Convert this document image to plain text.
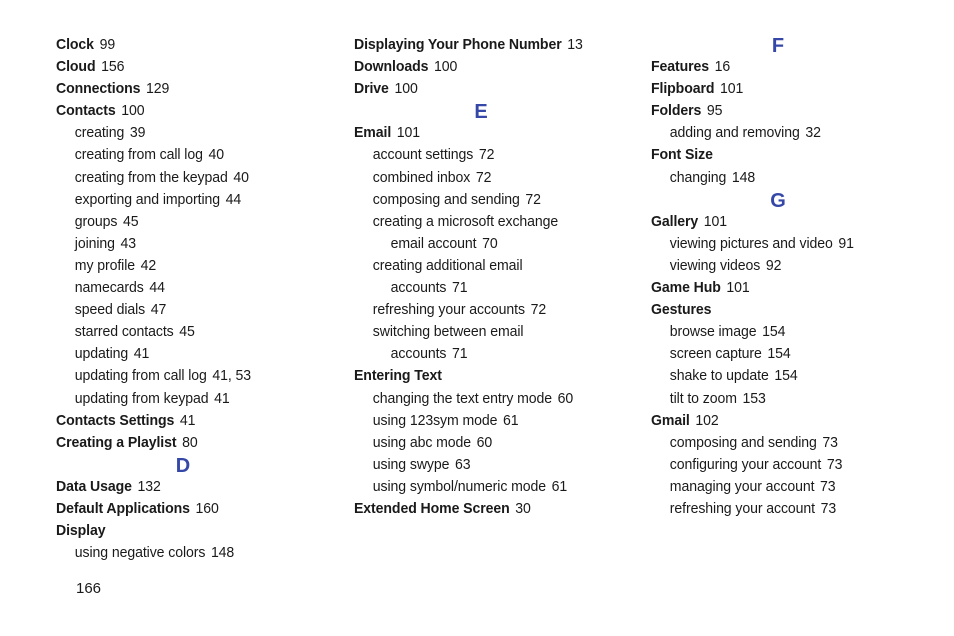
Clock 99
Cloud 156
Connections 129
Contacts 100
creating 39
creating from call log 40
creating from the keypad 40
exporting and importing 44
groups 45
joining 43
my profile 42
namecards 44
speed dials 47
starred contacts 45
updating 41
updating from call log 41, 53
updating from keypad 41
Contacts Settings 41
Creating a Playlist 80
D
Data Usage 132
Default Applications 160
Display
using negative colors 148
Displaying Your Phone Number 13
Downloads 100
Drive 100
E
Email 101
account settings 72
combined inbox 72
composing and sending 72
creating a microsoft exchange
email account 70
creating additional email
accounts 71
refreshing your accounts 72
switching between email
accounts 71
Entering Text
changing the text entry mode 60
using 123sym mode 61
using abc mode 60
using swype 63
using symbol/numeric mode 61
Extended Home Screen 30
F
Features 16
Flipboard 101
Folders 95
adding and removing 32
Font Size
changing 148
G
Gallery 101
viewing pictures and video 91
viewing videos 92
Game Hub 101
Gestures
browse image 154
screen capture 154
shake to update 154
tilt to zoom 153
Gmail 102
composing and sending 73
configuring your account 73
managing your account 73
refreshing your account 73
166
